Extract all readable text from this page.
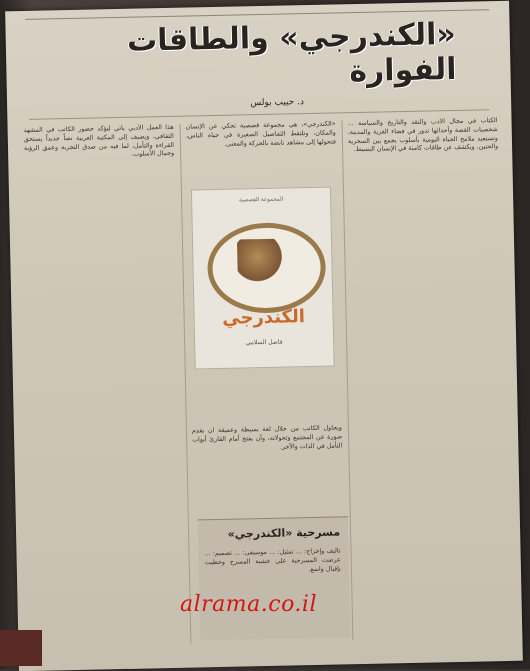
«الكندرجي» والطاقات الفوارة
د. حبيب بولس
الكتاب في مجال الأدب والنقد والتاريخ والسياسة ... شخصيات القصة وأحداثها تدور في فضاء القرية والمدينة، وتستعيد ملامح الحياة اليومية بأسلوب يجمع بين السخرية والحنين، ويكشف عن طاقات كامنة في الإنسان البسيط.
«الكندرجي»، هي مجموعة قصصية تحكي عن الإنسان والمكان، وتلتقط التفاصيل الصغيرة في حياة الناس، فتحولها إلى مشاهد نابضة بالحركة والمعنى.
المجموعة القصصية
الكندرجي
فاضل السلامي
ويحاول الكاتب من خلال لغة بسيطة وعميقة أن يقدم صورة عن المجتمع وتحولاته، وأن يفتح أمام القارئ أبواب التأمل في الذات والآخر.
هذا العمل الأدبي يأتي ليؤكد حضور الكاتب في المشهد الثقافي، ويضيف إلى المكتبة العربية نصاً جديداً يستحق القراءة والتأمل، لما فيه من صدق التجربة وعمق الرؤية وجمال الأسلوب.
مسرحية «الكندرجي»
تأليف وإخراج: ... تمثيل: ... موسيقى: ... تصميم: ... عرضت المسرحية على خشبة المسرح وحظيت بإقبال واسع.
alrama.co.il
